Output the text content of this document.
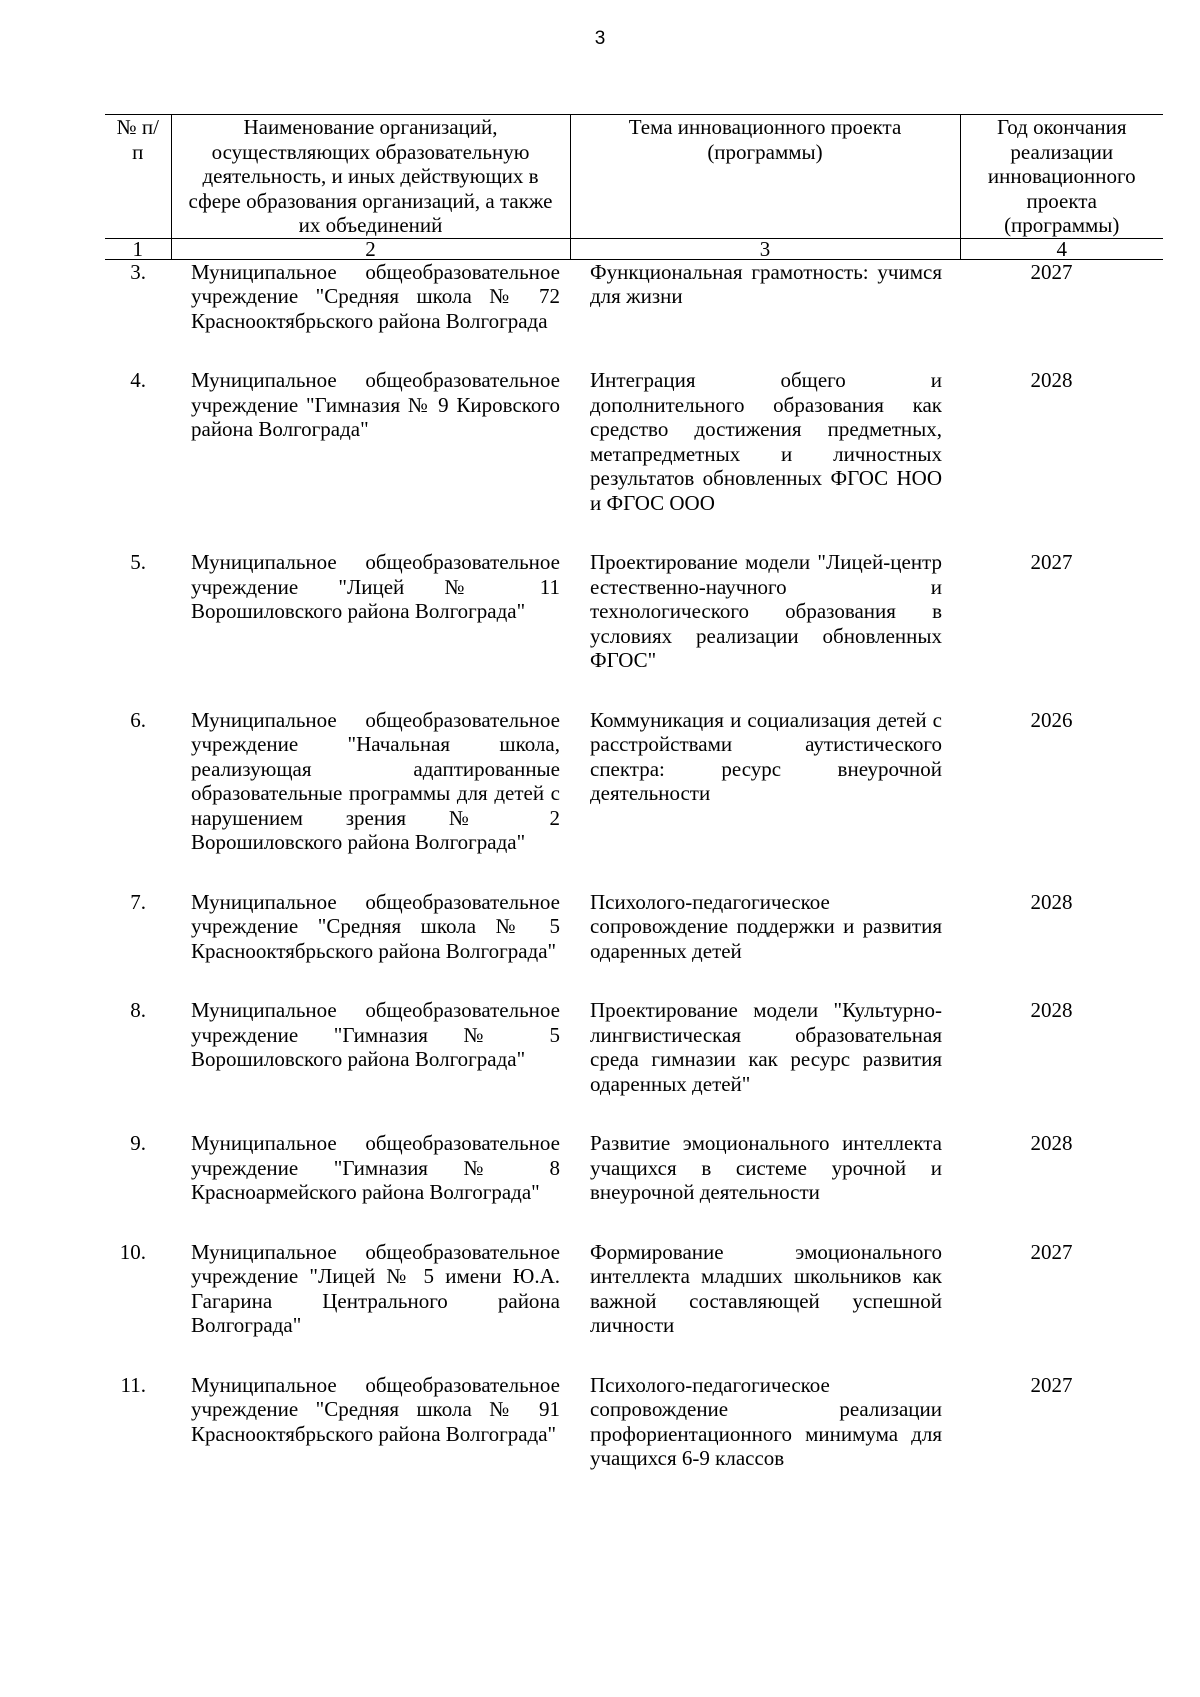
3
№ п/п	Наименование организаций, осуществляющих образовательную деятельность, и иных действующих в сфере образования организаций, а также их объединений	Тема инновационного проекта (программы)	Год окончания реализации инновационного проекта (программы)
1	2	3	4
3.	Муниципальное общеобразовательное учреждение "Средняя школа № 72 Краснооктябрьского района Волгограда	Функциональная грамотность: учимся для жизни	2027
4.	Муниципальное общеобразовательное учреждение "Гимназия № 9 Кировского района Волгограда"	Интеграция общего и дополнительного образования как средство достижения предметных, метапредметных и личностных результатов обновленных ФГОС НОО и ФГОС ООО	2028
5.	Муниципальное общеобразовательное учреждение "Лицей № 11 Ворошиловского района Волгограда"	Проектирование модели "Лицей-центр естественно-научного и технологического образования в условиях реализации обновленных ФГОС"	2027
6.	Муниципальное общеобразовательное учреждение "Начальная школа, реализующая адаптированные образовательные программы для детей с нарушением зрения № 2 Ворошиловского района Волгограда"	Коммуникация и социализация детей с расстройствами аутистического спектра: ресурс внеурочной деятельности	2026
7.	Муниципальное общеобразовательное учреждение "Средняя школа № 5 Краснооктябрьского района Волгограда"	Психолого-педагогическое сопровождение поддержки и развития одаренных детей	2028
8.	Муниципальное общеобразовательное учреждение "Гимназия № 5 Ворошиловского района Волгограда"	Проектирование модели "Культурно-лингвистическая образовательная среда гимназии как ресурс развития одаренных детей"	2028
9.	Муниципальное общеобразовательное учреждение "Гимназия № 8 Красноармейского района Волгограда"	Развитие эмоционального интеллекта учащихся в системе урочной и внеурочной деятельности	2028
10.	Муниципальное общеобразовательное учреждение "Лицей № 5 имени Ю.А. Гагарина Центрального района Волгограда"	Формирование эмоционального интеллекта младших школьников как важной составляющей успешной личности	2027
11.	Муниципальное общеобразовательное учреждение "Средняя школа № 91 Краснооктябрьского района Волгограда"	Психолого-педагогическое сопровождение реализации профориентационного минимума для учащихся 6-9 классов	2027
